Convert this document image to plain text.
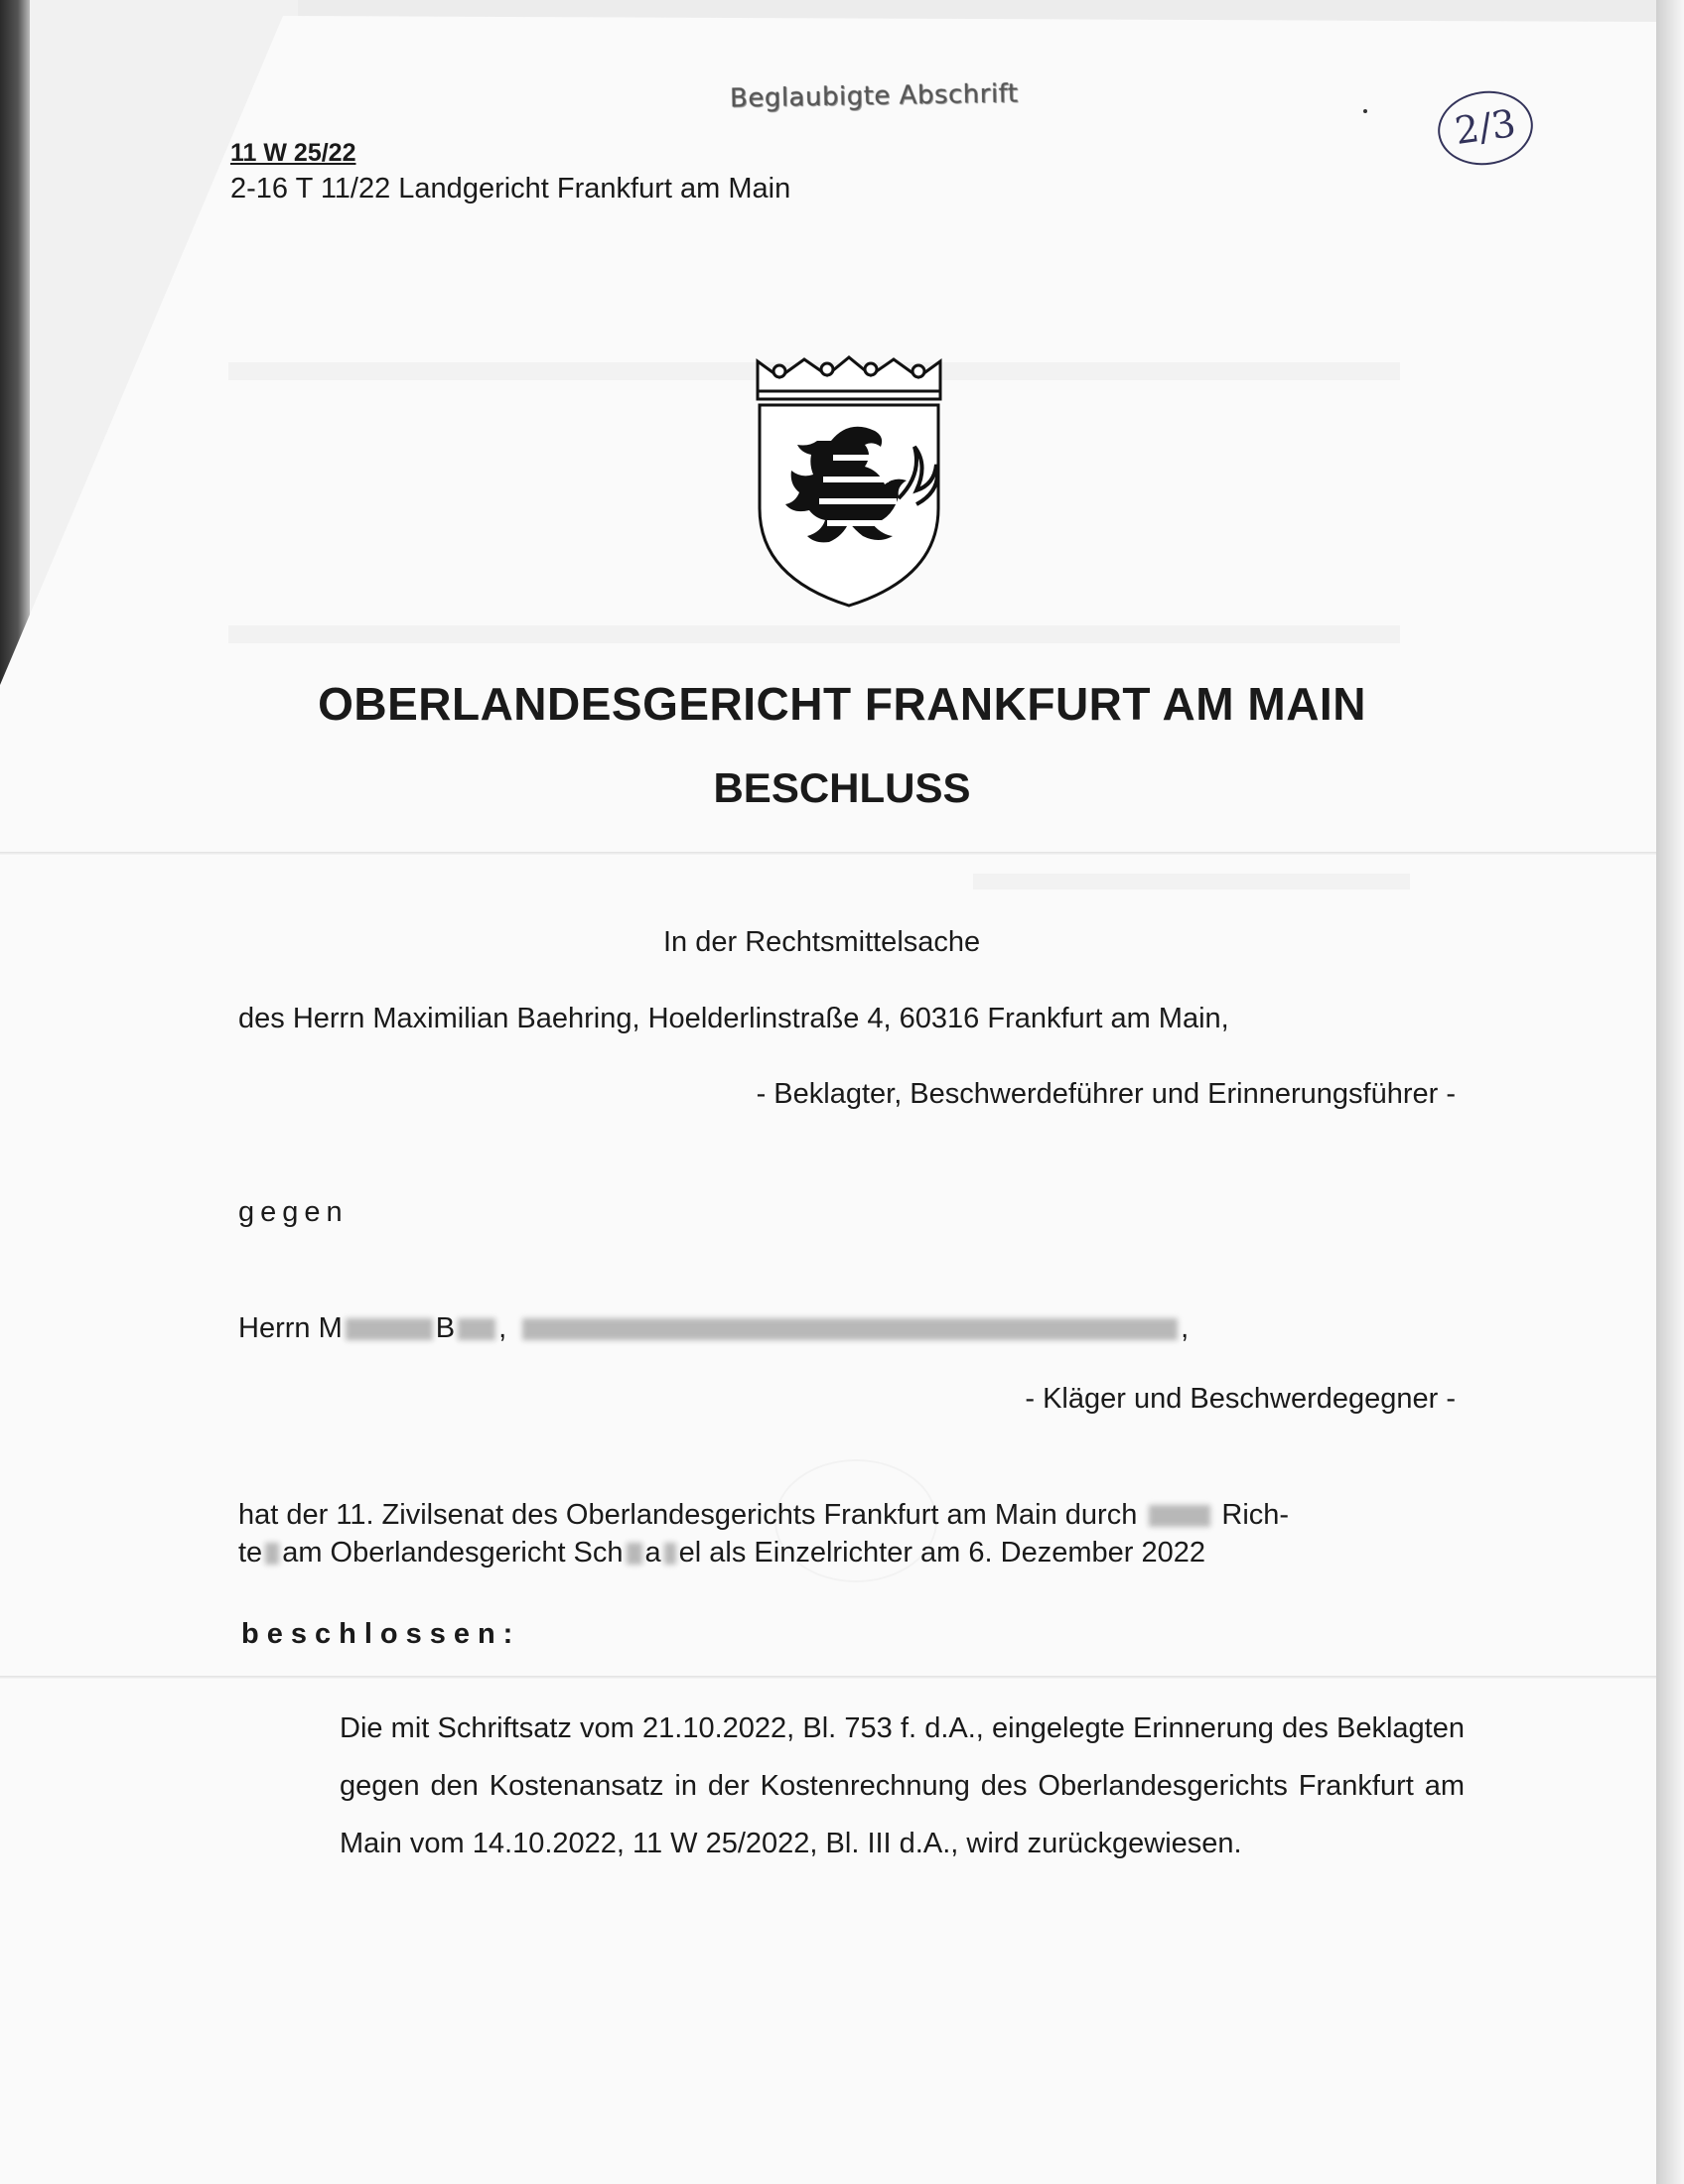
Beglaubigte Abschrift
2/3
11 W 25/22
2-16 T 11/22 Landgericht Frankfurt am Main
OBERLANDESGERICHT FRANKFURT AM MAIN
BESCHLUSS
In der Rechtsmittelsache
des Herrn Maximilian Baehring, Hoelderlinstraße 4, 60316 Frankfurt am Main,
- Beklagter, Beschwerdeführer und Erinnerungsführer -
gegen
Herrn M	B ,	,
- Kläger und Beschwerdegegner -
hat der 11. Zivilsenat des Oberlandesgerichts Frankfurt am Main durch	Rich-
te am Oberlandesgericht Sch a el als Einzelrichter am 6. Dezember 2022
beschlossen:
Die mit Schriftsatz vom 21.10.2022, Bl. 753 f. d.A., eingelegte Erinnerung des Beklagten gegen den Kostenansatz in der Kostenrechnung des Oberlandesgerichts Frankfurt am Main vom 14.10.2022, 11 W 25/2022, Bl. III d.A., wird zurückgewiesen.
